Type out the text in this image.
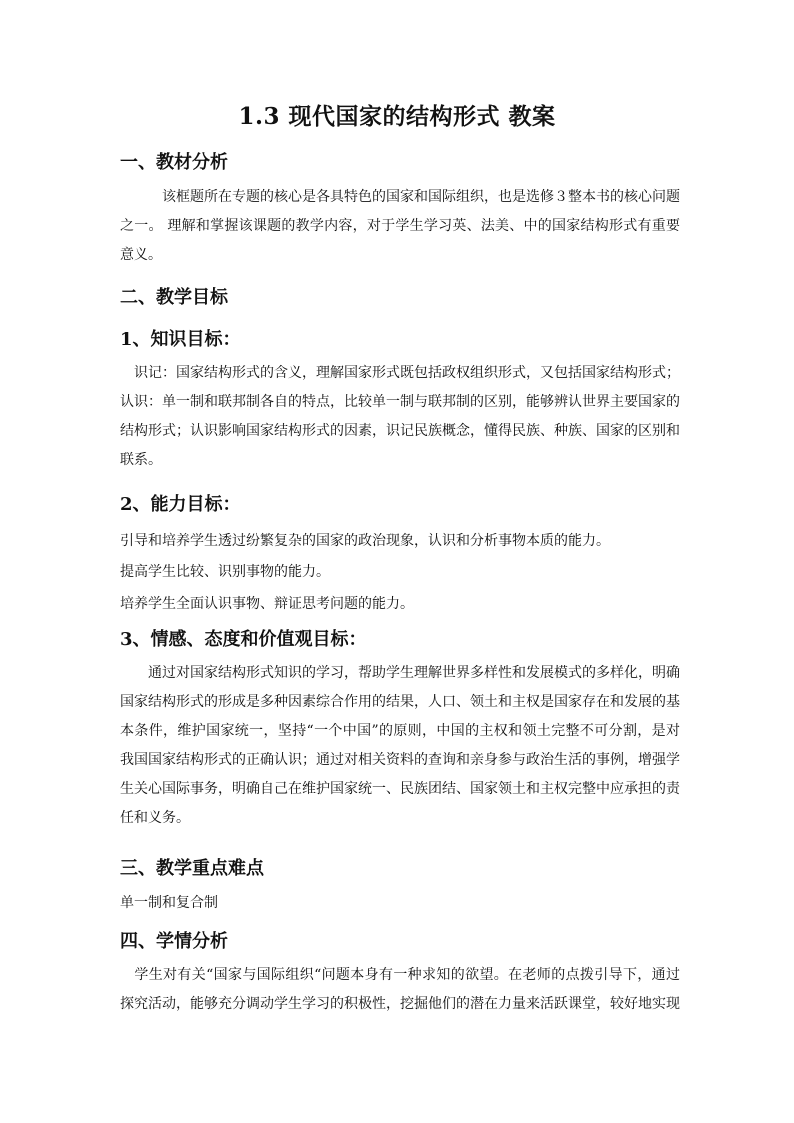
1.3 现代国家的结构形式 教案
一、教材分析
　　　该框题所在专题的核心是各具特色的国家和国际组织，也是选修３整本书的核心问题之一。 理解和掌握该课题的教学内容，对于学生学习英、法美、中的国家结构形式有重要意义。
二、教学目标
1、知识目标：
　识记：国家结构形式的含义，理解国家形式既包括政权组织形式，又包括国家结构形式；认识：单一制和联邦制各自的特点，比较单一制与联邦制的区别，能够辨认世界主要国家的结构形式；认识影响国家结构形式的因素，识记民族概念，懂得民族、种族、国家的区别和联系。
2、能力目标：
引导和培养学生透过纷繁复杂的国家的政治现象，认识和分析事物本质的能力。
提高学生比较、识别事物的能力。
培养学生全面认识事物、辩证思考问题的能力。
3、情感、态度和价值观目标：
　　通过对国家结构形式知识的学习，帮助学生理解世界多样性和发展模式的多样化，明确国家结构形式的形成是多种因素综合作用的结果，人口、领土和主权是国家存在和发展的基本条件，维护国家统一，坚持“一个中国”的原则，中国的主权和领土完整不可分割，是对我国国家结构形式的正确认识；通过对相关资料的查询和亲身参与政治生活的事例，增强学生关心国际事务，明确自己在维护国家统一、民族团结、国家领土和主权完整中应承担的责任和义务。
三、教学重点难点
单一制和复合制
四、学情分析
　学生对有关“国家与国际组织“问题本身有一种求知的欲望。在老师的点拨引导下，通过探究活动，能够充分调动学生学习的积极性，挖掘他们的潜在力量来活跃课堂，较好地实现
